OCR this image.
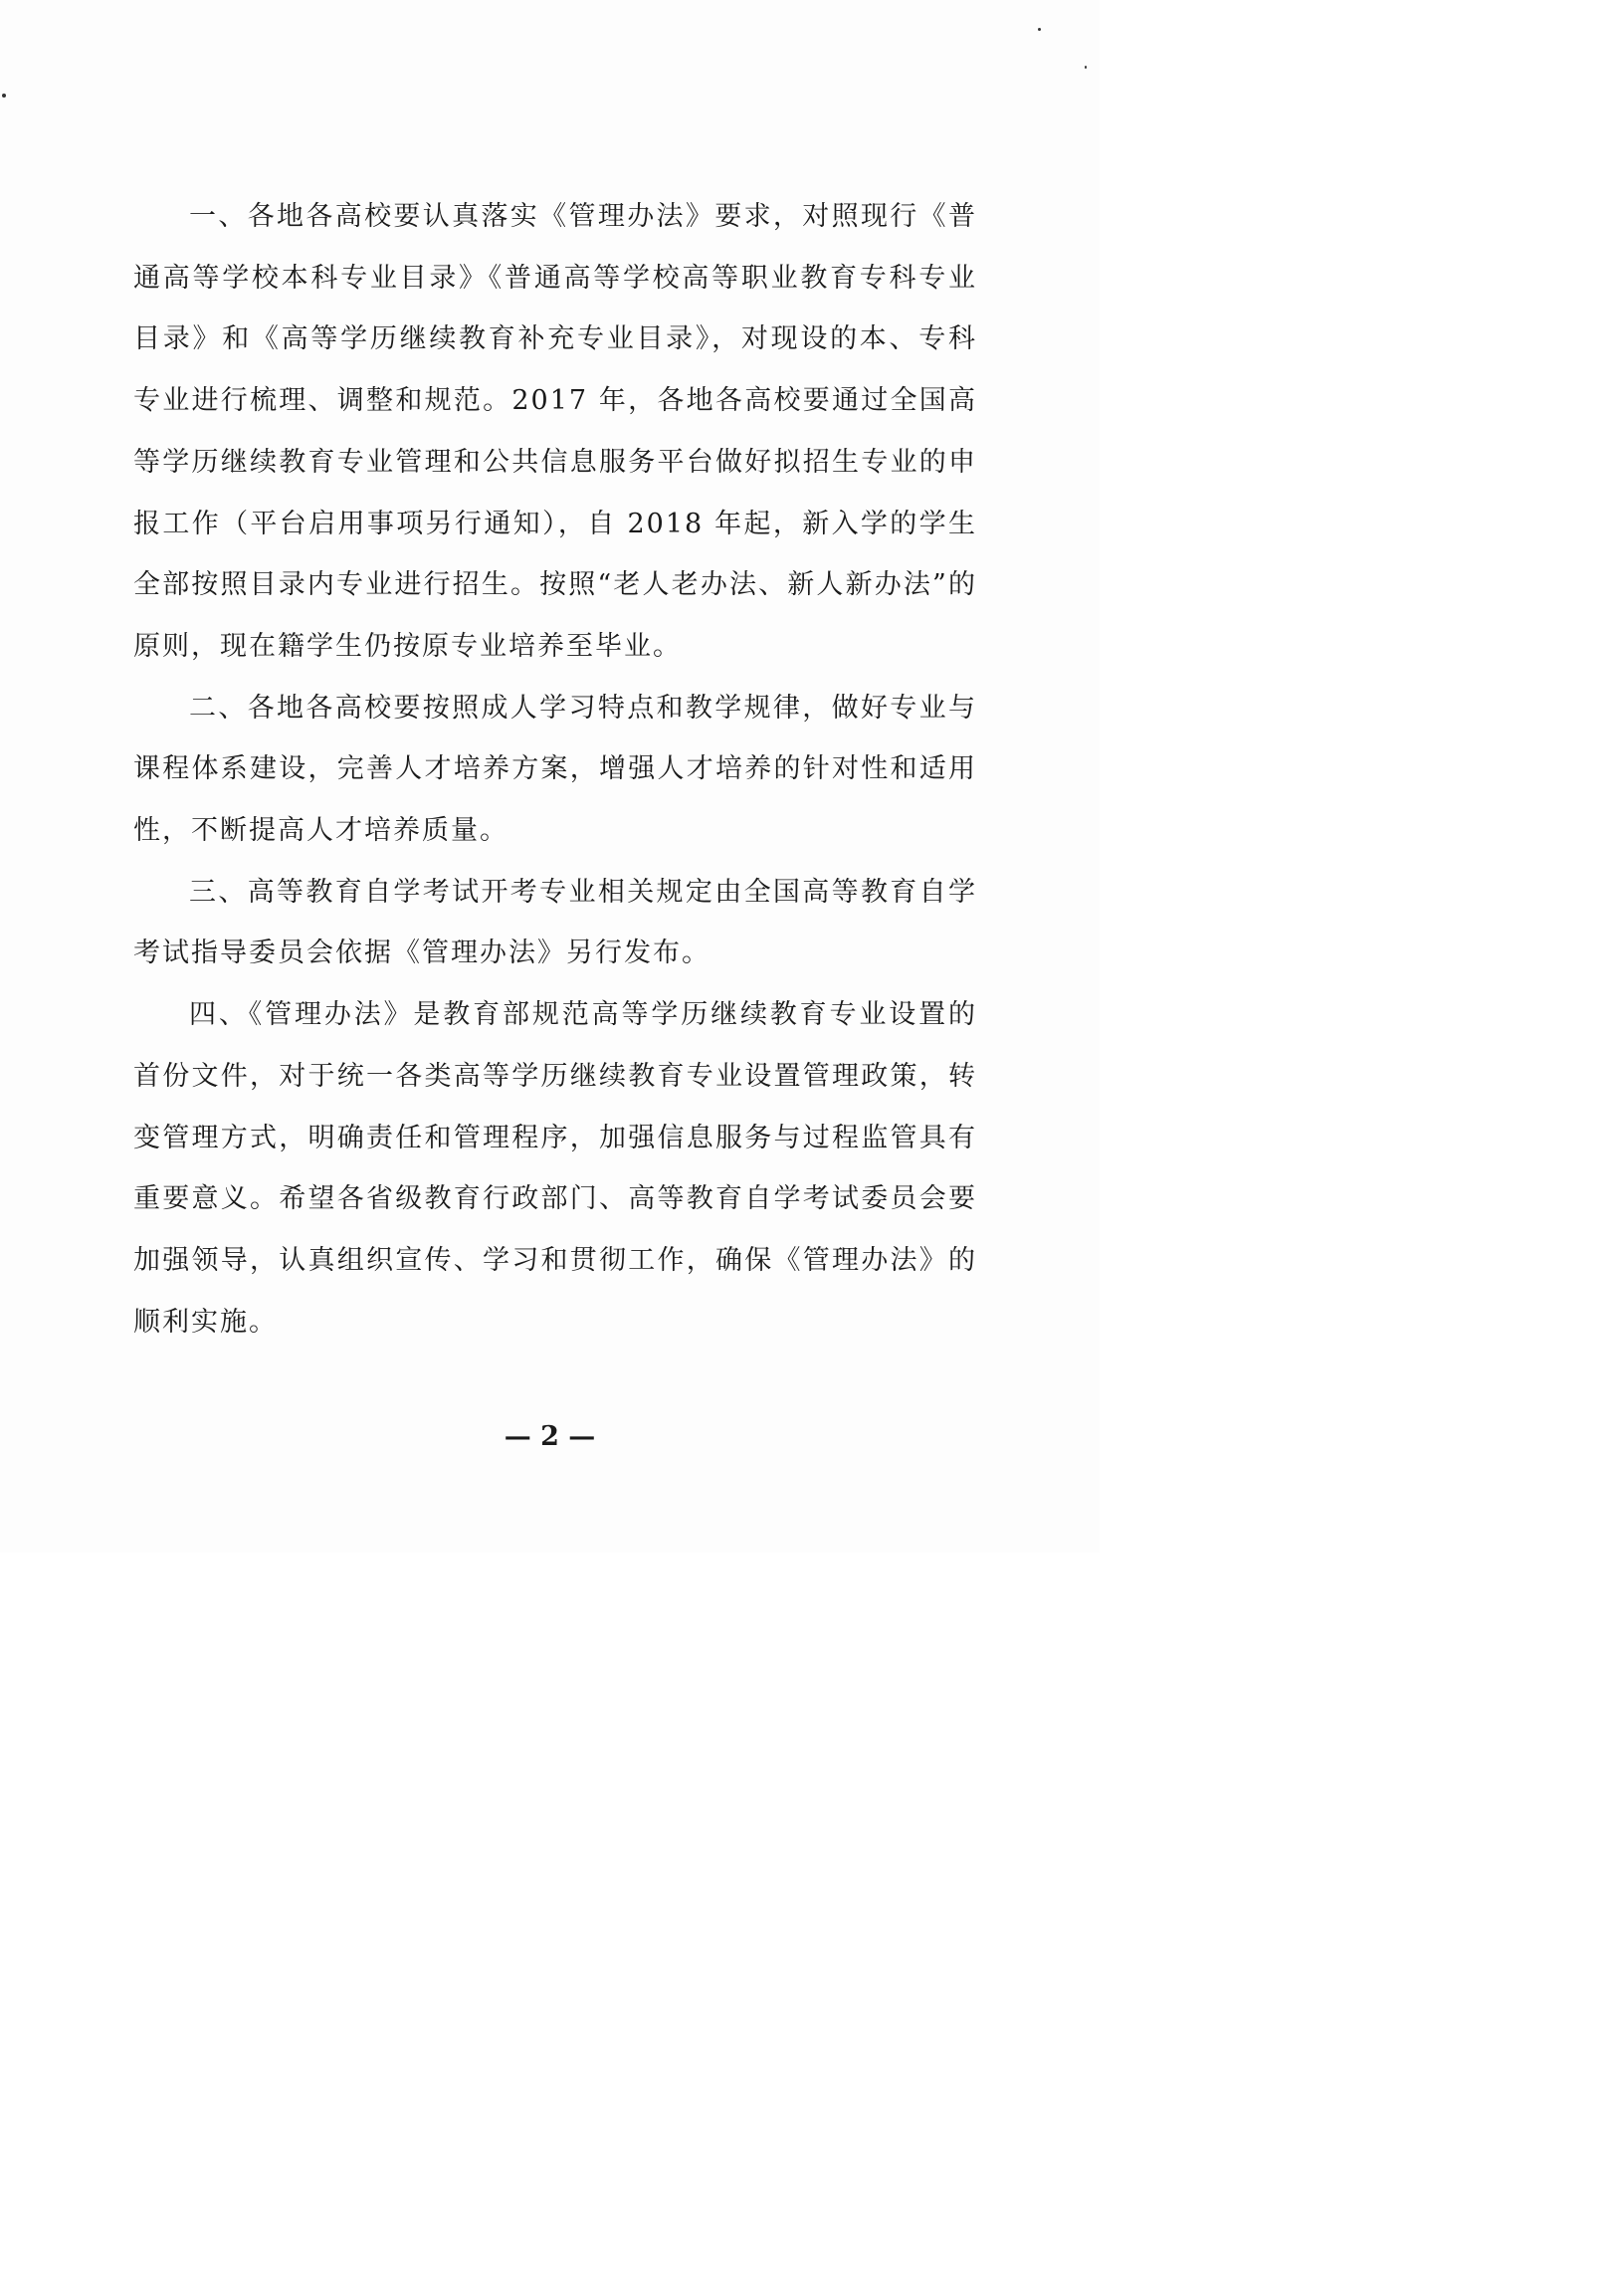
一、各地各高校要认真落实《管理办法》要求，对照现行《普通高等学校本科专业目录》《普通高等学校高等职业教育专科专业目录》和《高等学历继续教育补充专业目录》，对现设的本、专科专业进行梳理、调整和规范。2017 年，各地各高校要通过全国高等学历继续教育专业管理和公共信息服务平台做好拟招生专业的申报工作（平台启用事项另行通知），自 2018 年起，新入学的学生全部按照目录内专业进行招生。按照“老人老办法、新人新办法”的原则，现在籍学生仍按原专业培养至毕业。

二、各地各高校要按照成人学习特点和教学规律，做好专业与课程体系建设，完善人才培养方案，增强人才培养的针对性和适用性，不断提高人才培养质量。

三、高等教育自学考试开考专业相关规定由全国高等教育自学考试指导委员会依据《管理办法》另行发布。

四、《管理办法》是教育部规范高等学历继续教育专业设置的首份文件，对于统一各类高等学历继续教育专业设置管理政策，转变管理方式，明确责任和管理程序，加强信息服务与过程监管具有重要意义。希望各省级教育行政部门、高等教育自学考试委员会要加强领导，认真组织宣传、学习和贯彻工作，确保《管理办法》的顺利实施。

— 2 —
